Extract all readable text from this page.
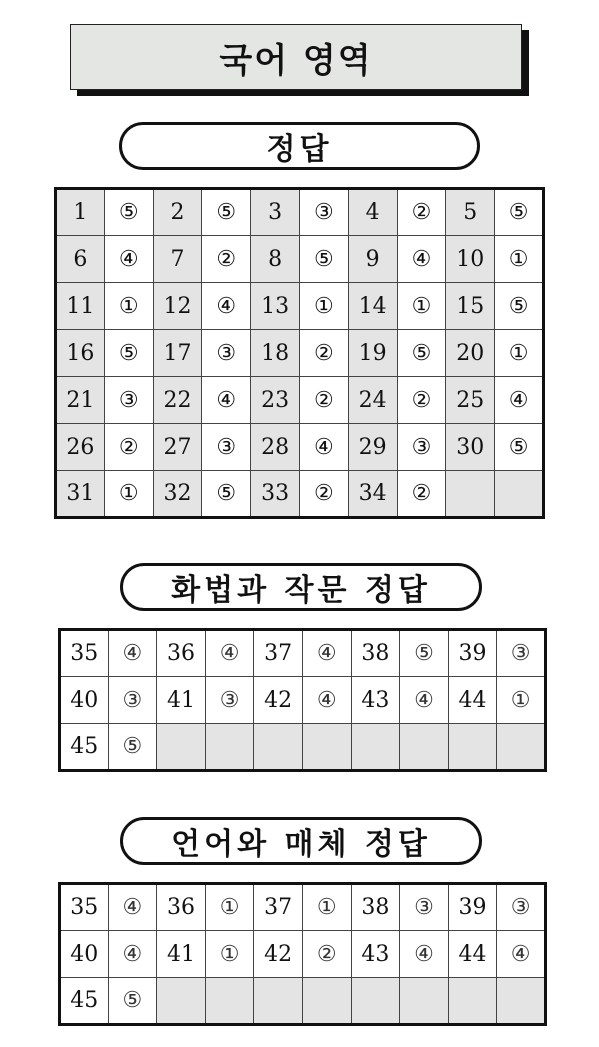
국어 영역
정답
1	⑤	2	⑤	3	③	4	②	5	⑤
6	④	7	②	8	⑤	9	④	10	①
11	①	12	④	13	①	14	①	15	⑤
16	⑤	17	③	18	②	19	⑤	20	①
21	③	22	④	23	②	24	②	25	④
26	②	27	③	28	④	29	③	30	⑤
31	①	32	⑤	33	②	34	②		
화법과 작문 정답
35	④	36	④	37	④	38	⑤	39	③
40	③	41	③	42	④	43	④	44	①
45	⑤								
언어와 매체 정답
35	④	36	①	37	①	38	③	39	③
40	④	41	①	42	②	43	④	44	④
45	⑤								
